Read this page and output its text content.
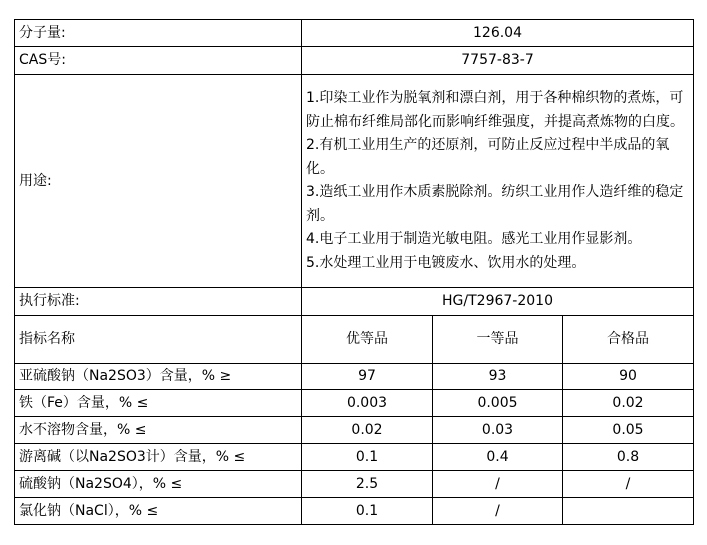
分子量:	126.04		
CAS号:	7757-83-7		
用途:	1.印染工业作为脱氧剂和漂白剂，用于各种棉织物的煮炼，可防止棉布纤维局部化而影响纤维强度，并提高煮炼物的白度。

2.有机工业用生产的还原剂，可防止反应过程中半成品的氧化。

3.造纸工业用作木质素脱除剂。纺织工业用作人造纤维的稳定剂。

4.电子工业用于制造光敏电阻。感光工业用作显影剂。

5.水处理工业用于电镀废水、饮用水的处理。		

执行标准:	HG/T2967-2010		
指标名称	优等品	一等品	合格品
亚硫酸钠（Na2SO3）含量，% ≥	97	93	90
铁（Fe）含量，% ≤	0.003	0.005	0.02
水不溶物含量，% ≤	0.02	0.03	0.05
游离碱（以Na2SO3计）含量，% ≤	0.1	0.4	0.8
硫酸钠（Na2SO4），% ≤	2.5	/	/
氯化钠（NaCl），% ≤	0.1	/	
